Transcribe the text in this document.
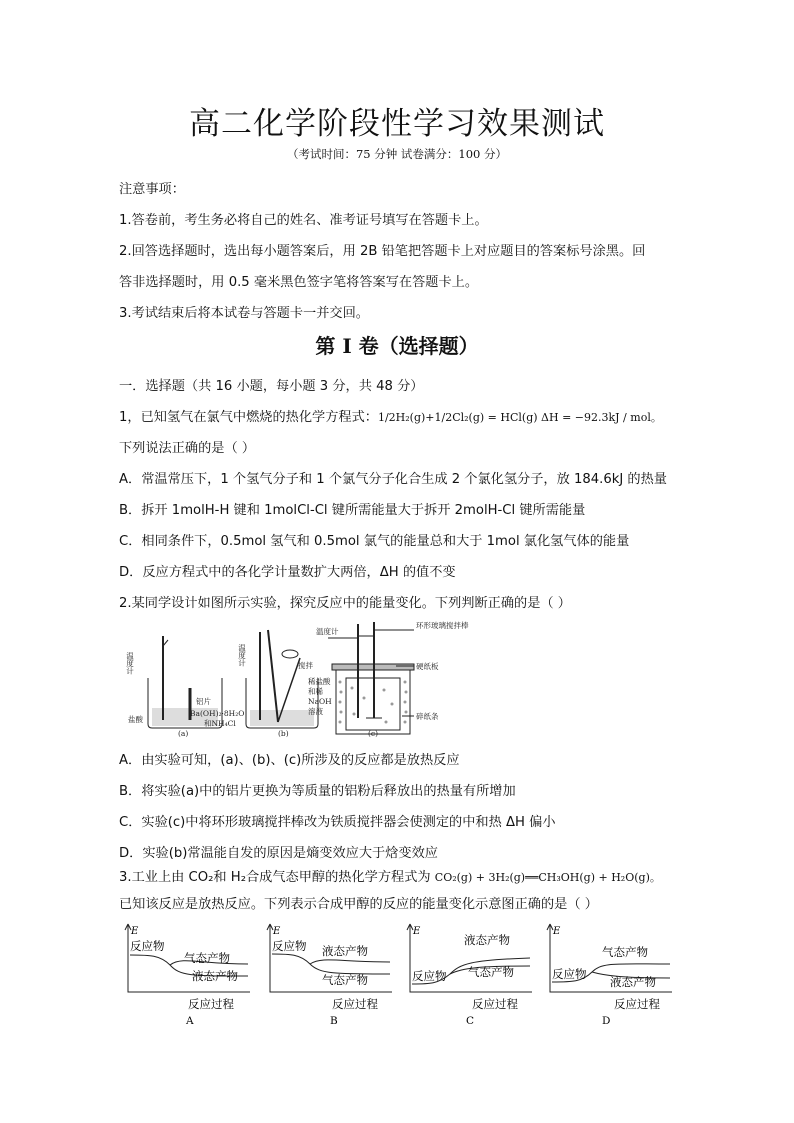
高二化学阶段性学习效果测试
（考试时间：75 分钟 试卷满分：100 分）
注意事项：
1.答卷前，考生务必将自己的姓名、准考证号填写在答题卡上。
2.回答选择题时，选出每小题答案后，用 2B 铅笔把答题卡上对应题目的答案标号涂黑。回
答非选择题时，用 0.5 毫米黑色签字笔将答案写在答题卡上。
3.考试结束后将本试卷与答题卡一并交回。
第 I 卷（选择题）
一．选择题（共 16 小题，每小题 3 分，共 48 分）
1，已知氢气在氯气中燃烧的热化学方程式：1/2H₂(g)+1/2Cl₂(g) = HCl(g) ΔH = −92.3kJ / mol。
下列说法正确的是（ ）
A．常温常压下，1 个氢气分子和 1 个氯气分子化合生成 2 个氯化氢分子，放 184.6kJ 的热量
B．拆开 1molH-H 键和 1molCl-Cl 键所需能量大于拆开 2molH-Cl 键所需能量
C．相同条件下，0.5mol 氢气和 0.5mol 氯气的能量总和大于 1mol 氯化氢气体的能量
D．反应方程式中的各化学计量数扩大两倍，ΔH 的值不变
2.某同学设计如图所示实验，探究反应中的能量变化。下列判断正确的是（ ）
温度计
铝片
盐酸
(a)
温度计	搅拌
Ba(OH)₂·8H₂O
和NH₄Cl
(b)
温度计
环形玻璃搅拌棒
硬纸板
稀盐酸
和稀
NaOH
溶液
碎纸条
(c)
A．由实验可知，(a)、(b)、(c)所涉及的反应都是放热反应
B．将实验(a)中的铝片更换为等质量的铝粉后释放出的热量有所增加
C．实验(c)中将环形玻璃搅拌棒改为铁质搅拌器会使测定的中和热 ΔH 偏小
D．实验(b)常温能自发的原因是熵变效应大于焓变效应
3.工业上由 CO₂和 H₂合成气态甲醇的热化学方程式为 CO₂(g) + 3H₂(g)══CH₃OH(g) + H₂O(g)。
已知该反应是放热反应。下列表示合成甲醇的反应的能量变化示意图正确的是（ ）
E
反应物
气态产物
液态产物
反应过程
A
E
反应物 液态产物
气态产物
反应过程
B
E
反应物
液态产物
气态产物
反应过程
C
E
反应物
气态产物
液态产物
反应过程
D
